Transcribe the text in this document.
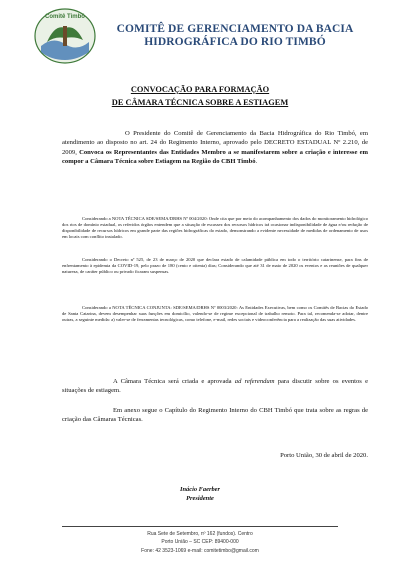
Comitê Timbó
COMITÊ DE GERENCIAMENTO DA BACIA
HIDROGRÁFICA DO RIO TIMBÓ
CONVOCAÇÃO PARA FORMAÇÃO
DE CÂMARA TÉCNICA SOBRE A ESTIAGEM
O Presidente do Comitê de Gerenciamento da Bacia Hidrográfica do Rio Timbó, em atendimento ao disposto no art. 24 do Regimento Interno, aprovado pelo DECRETO ESTADUAL Nº 2.210, de 2009, Convoca os Representantes das Entidades Membro a se manifestarem sobre a criação e interesse em compor a Câmara Técnica sobre Estiagem na Região do CBH Timbó.
Considerando a NOTA TÉCNICA SDE/SEMA/DRHS Nº 004/2020: Onde cita que por meio do acompanhamento dos dados do monitoramento hidrológico dos rios de domínio estadual, os referidos órgãos entendem que a situação de escassez dos recursos hídricos irá ocasionar indisponibilidade de água e/ou redução de disponibilidade de recursos hídricos em grande parte das regiões hidrográficas do estado, demonstrando a evidente necessidade de medidas de ordenamento de usos em locais com conflito instalado.
Considerando o Decreto nº 525, de 23 de março de 2020 que declara estado de calamidade pública em todo o território catarinense, para fins de enfrentamento à epidemia da COVID-19, pelo prazo de 180 (cento e oitenta) dias; Considerando que até 31 de maio de 2020 os eventos e as reuniões de qualquer natureza, de caráter público ou privado ficaram suspensas.
Considerando a NOTA TÉCNICA CONJUNTA: SDE/SEMA/DRHS Nº 0003/2020: As Entidades Executivas, bem como os Comitês de Bacias do Estado de Santa Catarina, devem desempenhar suas funções em domicílio, valendo-se de regime excepcional de trabalho remoto. Para tal, recomenda-se adotar, dentre outras, a seguinte medida: a) valer-se de ferramentas tecnológicas, como telefone, e-mail, redes sociais e videoconferência para a realização das suas atividades.
A Câmara Técnica será criada e aprovada ad referendum para discutir sobre os eventos e situações de estiagem.
Em anexo segue o Capítulo do Regimento Interno do CBH Timbó que trata sobre as regras de criação das Câmaras Técnicas.
Porto União, 30 de abril de 2020.
Inácio Faerber
Presidente
Rua Sete de Setembro, nº 162 (fundos). Centro
Porto União – SC CEP: 89400-000
Fone: 42 3523-1069 e-mail: comitetimbo@gmail.com
